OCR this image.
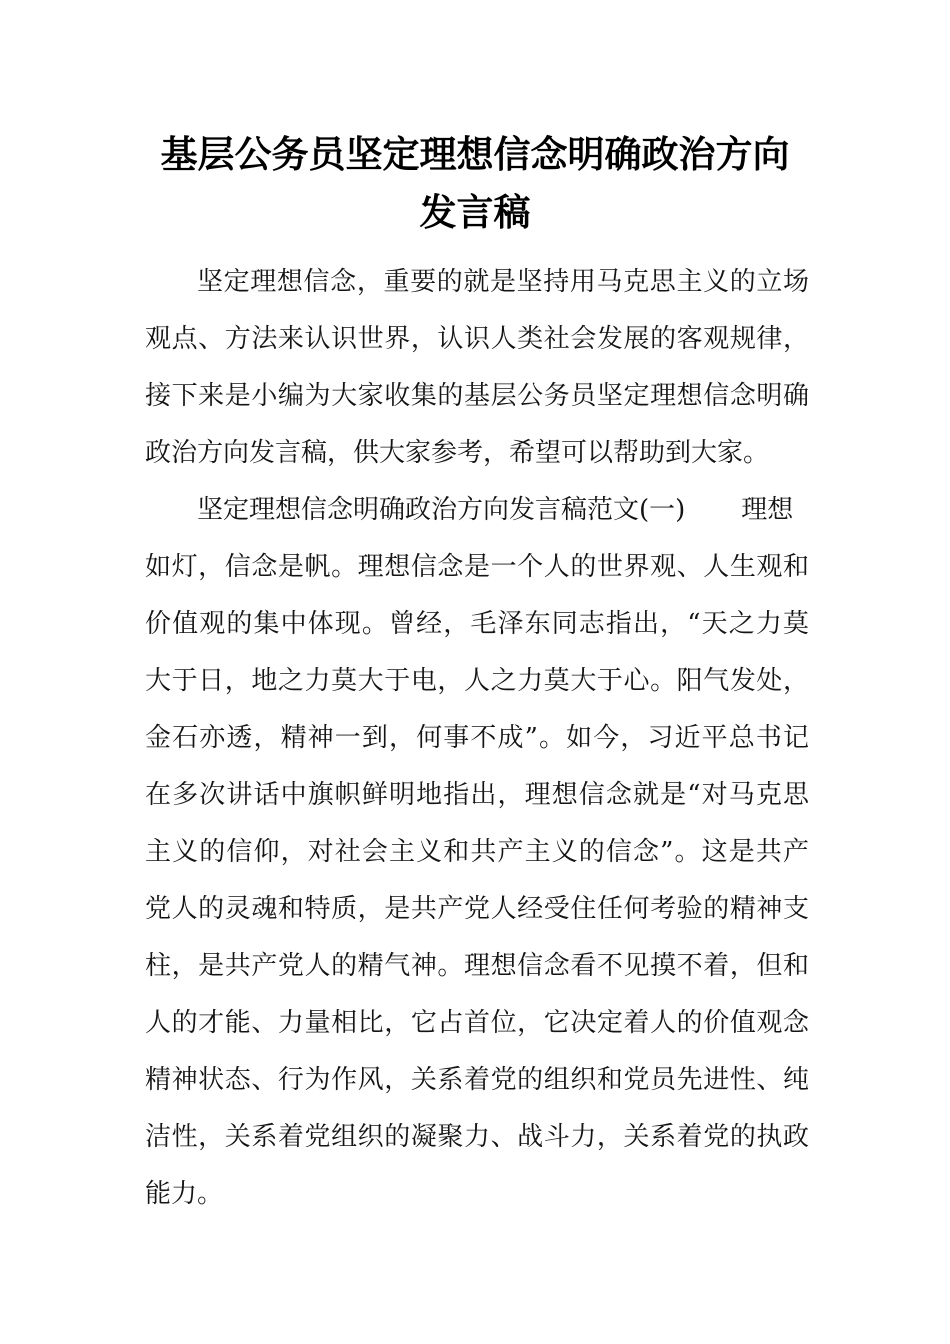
基层公务员坚定理想信念明确政治方向
发言稿
坚定理想信念，重要的就是坚持用马克思主义的立场
观点、方法来认识世界，认识人类社会发展的客观规律，
接下来是小编为大家收集的基层公务员坚定理想信念明确
政治方向发言稿，供大家参考，希望可以帮助到大家。
坚定理想信念明确政治方向发言稿范文(一) 理想
如灯，信念是帆。理想信念是一个人的世界观、人生观和
价值观的集中体现。曾经，毛泽东同志指出，“天之力莫
大于日，地之力莫大于电，人之力莫大于心。阳气发处，
金石亦透，精神一到，何事不成”。如今，习近平总书记
在多次讲话中旗帜鲜明地指出，理想信念就是“对马克思
主义的信仰，对社会主义和共产主义的信念”。这是共产
党人的灵魂和特质，是共产党人经受住任何考验的精神支
柱，是共产党人的精气神。理想信念看不见摸不着，但和
人的才能、力量相比，它占首位，它决定着人的价值观念
精神状态、行为作风，关系着党的组织和党员先进性、纯
洁性，关系着党组织的凝聚力、战斗力，关系着党的执政
能力。
